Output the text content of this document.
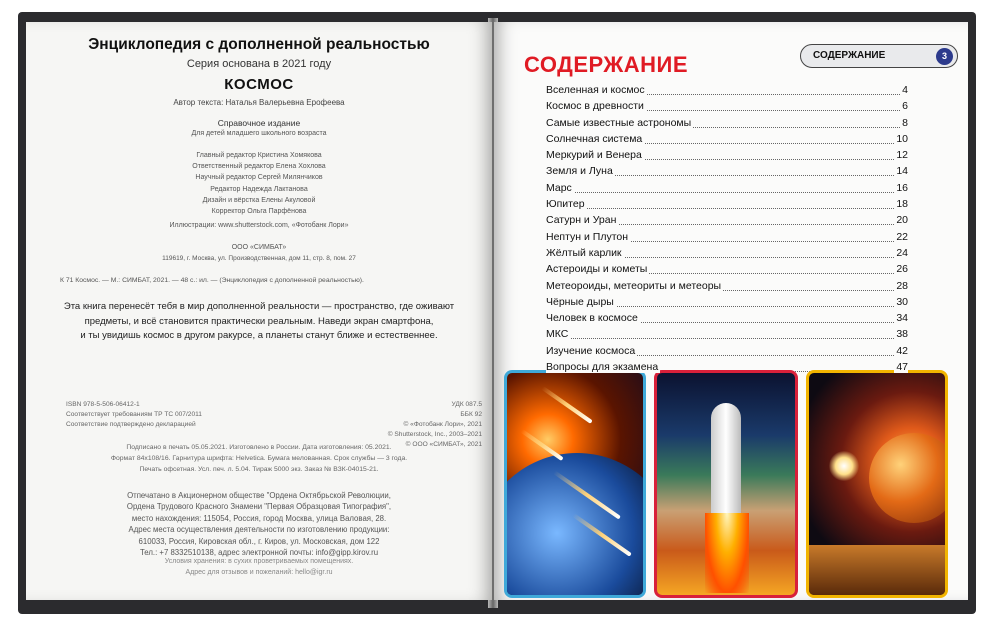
Энциклопедия с дополненной реальностью
Серия основана в 2021 году
КОСМОС
Автор текста: Наталья Валерьевна Ерофеева
Справочное издание
Для детей младшего школьного возраста
Главный редактор Кристина Хомякова
Ответственный редактор Елена Хохлова
Научный редактор Сергей Милянчиков
Редактор Надежда Лактанова
Дизайн и вёрстка Елены Акуловой
Корректор Ольга Парфёнова
Иллюстрации: www.shutterstock.com, «Фотобанк Лори»
ООО «СИМБАТ»
119619, г. Москва, ул. Производственная, дом 11, стр. 8, пом. 27
К 71 Космос. — М.: СИМБАТ, 2021. — 48 с.: ил. — (Энциклопедия с дополненной реальностью).
Эта книга перенесёт тебя в мир дополненной реальности — пространство, где оживают
предметы, и всё становится практически реальным. Наведи экран смартфона,
и ты увидишь космос в другом ракурсе, а планеты станут ближе и естественнее.
ISBN 978-5-506-06412-1
Соответствует требованиям ТР ТС 007/2011
Соответствие подтверждено декларацией
УДК 087.5
ББК 92
© «Фотобанк Лори», 2021
© Shutterstock, Inc., 2003–2021
© ООО «СИМБАТ», 2021
Подписано в печать 05.05.2021. Изготовлено в России. Дата изготовления: 05.2021.
Формат 84х108/16. Гарнитура шрифта: Helvetica. Бумага мелованная. Срок службы — 3 года.
Печать офсетная. Усл. печ. л. 5.04. Тираж 5000 экз. Заказ № ВЗК-04015-21.
Отпечатано в Акционерном обществе "Ордена Октябрьской Революции,
Ордена Трудового Красного Знамени "Первая Образцовая Типография",
место нахождения: 115054, Россия, город Москва, улица Валовая, 28.
Адрес места осуществления деятельности по изготовлению продукции:
610033, Россия, Кировская обл., г. Киров, ул. Московская, дом 122
Тел.: +7 8332510138, адрес электронной почты: info@gipp.kirov.ru
Условия хранения: в сухих проветриваемых помещениях.
Адрес для отзывов и пожеланий: hello@igr.ru
СОДЕРЖАНИЕ	СОДЕРЖАНИЕ	3
Вселенная и космос	4
Космос в древности	6
Самые известные астрономы	8
Солнечная система	10
Меркурий и Венера	12
Земля и Луна	14
Марс	16
Юпитер	18
Сатурн и Уран	20
Нептун и Плутон	22
Жёлтый карлик	24
Астероиды и кометы	26
Метеороиды, метеориты и метеоры	28
Чёрные дыры	30
Человек в космосе	34
МКС	38
Изучение космоса	42
Вопросы для экзамена	47
